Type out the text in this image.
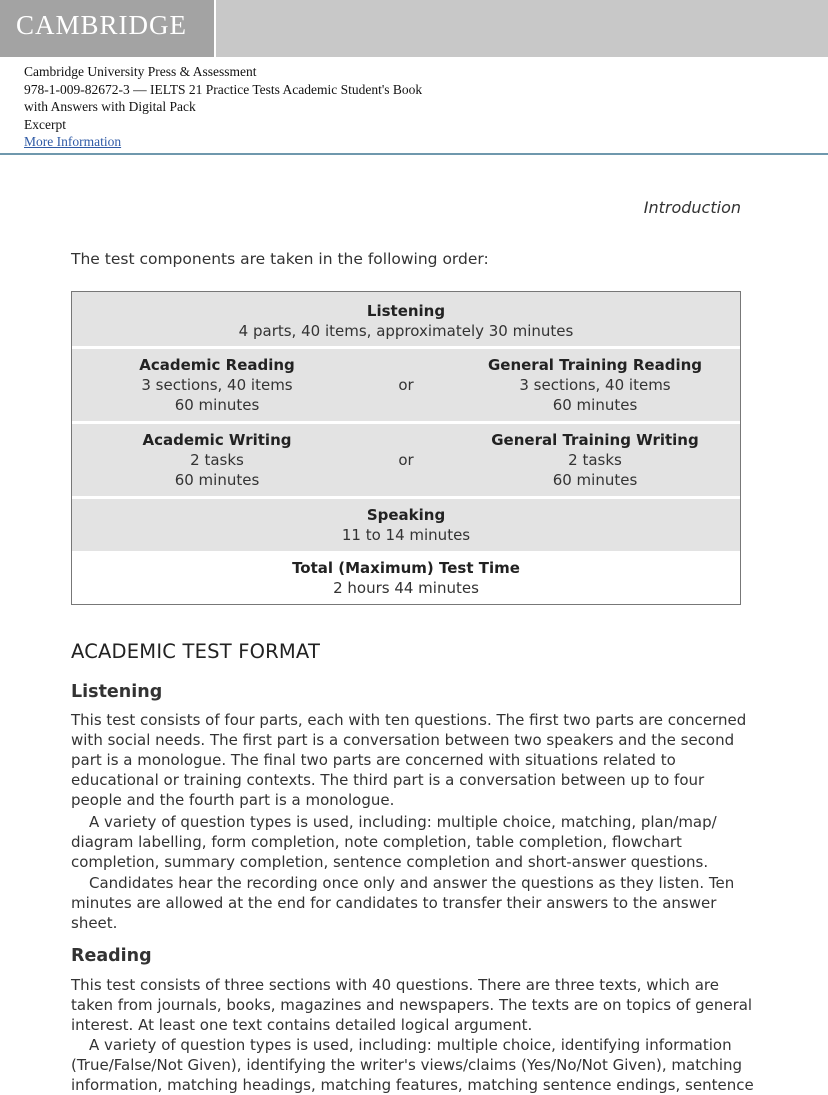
CAMBRIDGE
Cambridge University Press & Assessment
978-1-009-82672-3 — IELTS 21 Practice Tests Academic Student's Book
with Answers with Digital Pack
Excerpt
More Information
Introduction
The test components are taken in the following order:
Listening
4 parts, 40 items, approximately 30 minutes
Academic Reading
3 sections, 40 items
60 minutes
or
General Training Reading
3 sections, 40 items
60 minutes
Academic Writing
2 tasks
60 minutes
or
General Training Writing
2 tasks
60 minutes
Speaking
11 to 14 minutes
Total (Maximum) Test Time
2 hours 44 minutes
ACADEMIC TEST FORMAT
Listening
This test consists of four parts, each with ten questions. The first two parts are concerned
with social needs. The first part is a conversation between two speakers and the second
part is a monologue. The final two parts are concerned with situations related to
educational or training contexts. The third part is a conversation between up to four
people and the fourth part is a monologue.
A variety of question types is used, including: multiple choice, matching, plan/map/
diagram labelling, form completion, note completion, table completion, flowchart
completion, summary completion, sentence completion and short-answer questions.
Candidates hear the recording once only and answer the questions as they listen. Ten
minutes are allowed at the end for candidates to transfer their answers to the answer
sheet.
Reading
This test consists of three sections with 40 questions. There are three texts, which are
taken from journals, books, magazines and newspapers. The texts are on topics of general
interest. At least one text contains detailed logical argument.
A variety of question types is used, including: multiple choice, identifying information
(True/False/Not Given), identifying the writer's views/claims (Yes/No/Not Given), matching
information, matching headings, matching features, matching sentence endings, sentence
